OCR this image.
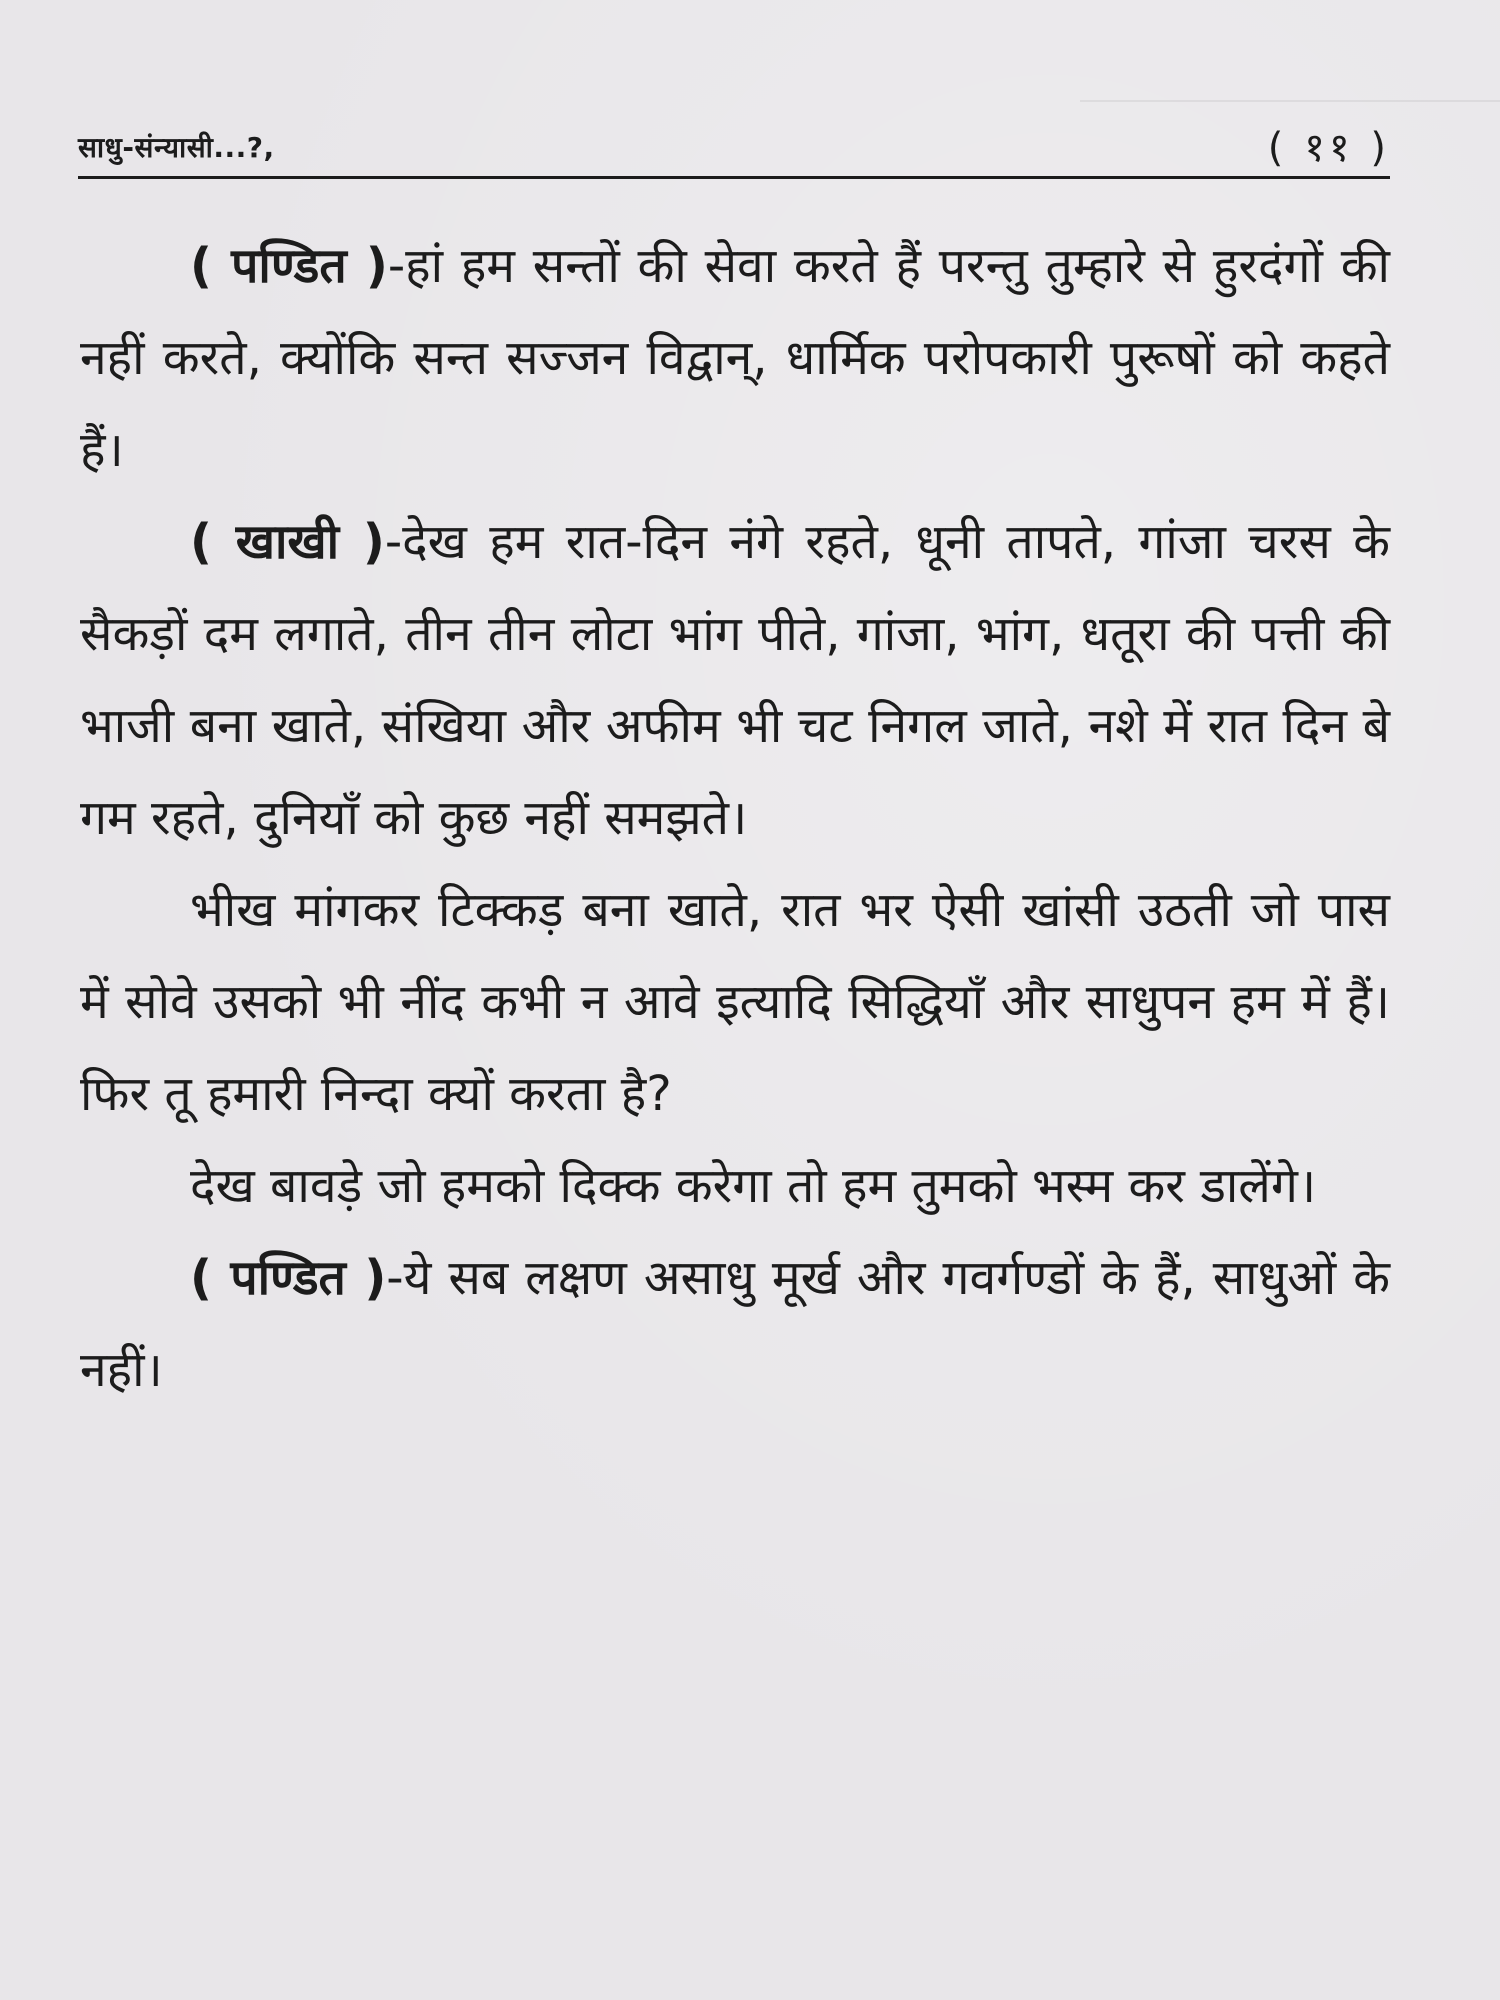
साधु-संन्यासी...?,	( ११ )

( पण्डित )-हां हम सन्तों की सेवा करते हैं परन्तु तुम्हारे से हुरदंगों की नहीं करते, क्योंकि सन्त सज्जन विद्वान्, धार्मिक परोपकारी पुरूषों को कहते हैं।

( खाखी )-देख हम रात-दिन नंगे रहते, धूनी तापते, गांजा चरस के सैकड़ों दम लगाते, तीन तीन लोटा भांग पीते, गांजा, भांग, धतूरा की पत्ती की भाजी बना खाते, संखिया और अफीम भी चट निगल जाते, नशे में रात दिन बे गम रहते, दुनियाँ को कुछ नहीं समझते।

भीख मांगकर टिक्कड़ बना खाते, रात भर ऐसी खांसी उठती जो पास में सोवे उसको भी नींद कभी न आवे इत्यादि सिद्धियाँ और साधुपन हम में हैं। फिर तू हमारी निन्दा क्यों करता है?

देख बावड़े जो हमको दिक्क करेगा तो हम तुमको भस्म कर डालेंगे।

( पण्डित )-ये सब लक्षण असाधु मूर्ख और गवर्गण्डों के हैं, साधुओं के नहीं।
